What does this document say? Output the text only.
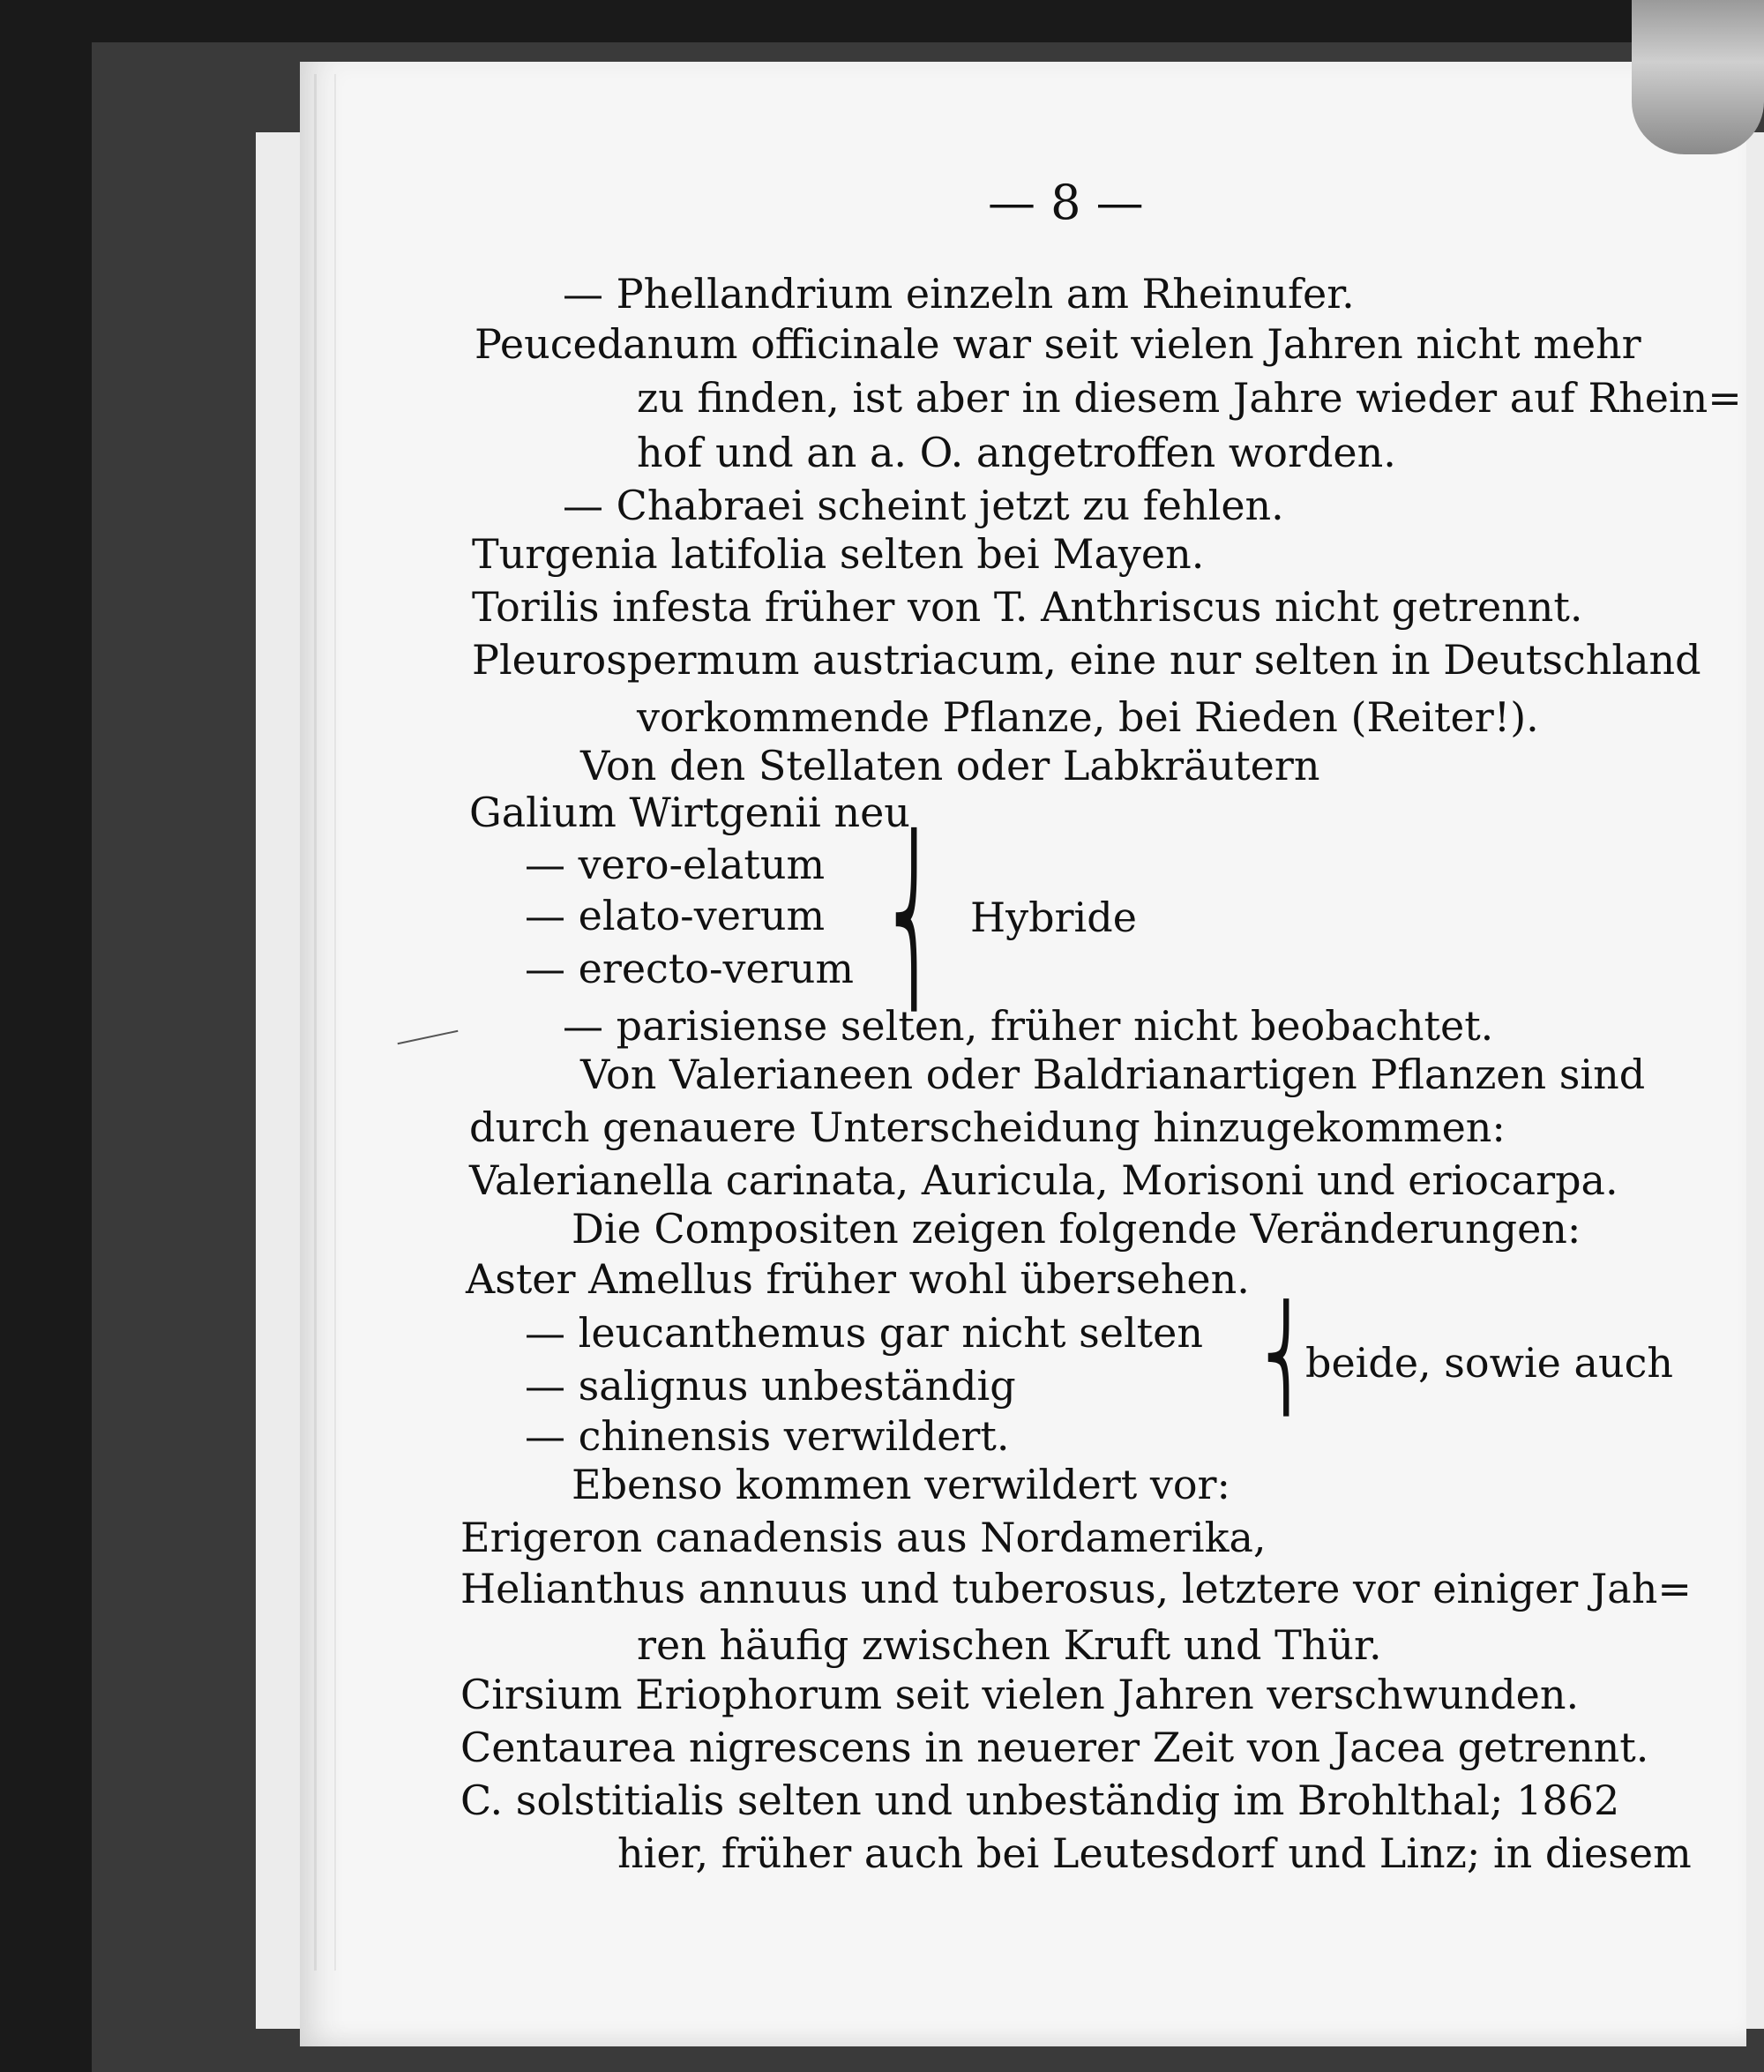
— 8 —
— Phellandrium einzeln am Rheinufer.
Peucedanum officinale war seit vielen Jahren nicht mehr
zu finden, ist aber in diesem Jahre wieder auf Rhein=
hof und an a. O. angetroffen worden.
— Chabraei scheint jetzt zu fehlen.
Turgenia latifolia selten bei Mayen.
Torilis infesta früher von T. Anthriscus nicht getrennt.
Pleurospermum austriacum, eine nur selten in Deutschland
vorkommende Pflanze, bei Rieden (Reiter!).
Von den Stellaten oder Labkräutern
Galium Wirtgenii neu
— vero-elatum
— elato-verum
— erecto-verum ⎨ Hybride
— parisiense selten, früher nicht beobachtet.
Von Valerianeen oder Baldrianartigen Pflanzen sind
durch genauere Unterscheidung hinzugekommen:
Valerianella carinata, Auricula, Morisoni und eriocarpa.
Die Compositen zeigen folgende Veränderungen:
Aster Amellus früher wohl übersehen.
— leucanthemus gar nicht selten
— salignus unbeständig	⎨
beide, sowie auch
— chinensis verwildert.
Ebenso kommen verwildert vor:
Erigeron canadensis aus Nordamerika,
Helianthus annuus und tuberosus, letztere vor einiger Jah=
ren häufig zwischen Kruft und Thür.
Cirsium Eriophorum seit vielen Jahren verschwunden.
Centaurea nigrescens in neuerer Zeit von Jacea getrennt.
C. solstitialis selten und unbeständig im Brohlthal; 1862
hier, früher auch bei Leutesdorf und Linz; in diesem
